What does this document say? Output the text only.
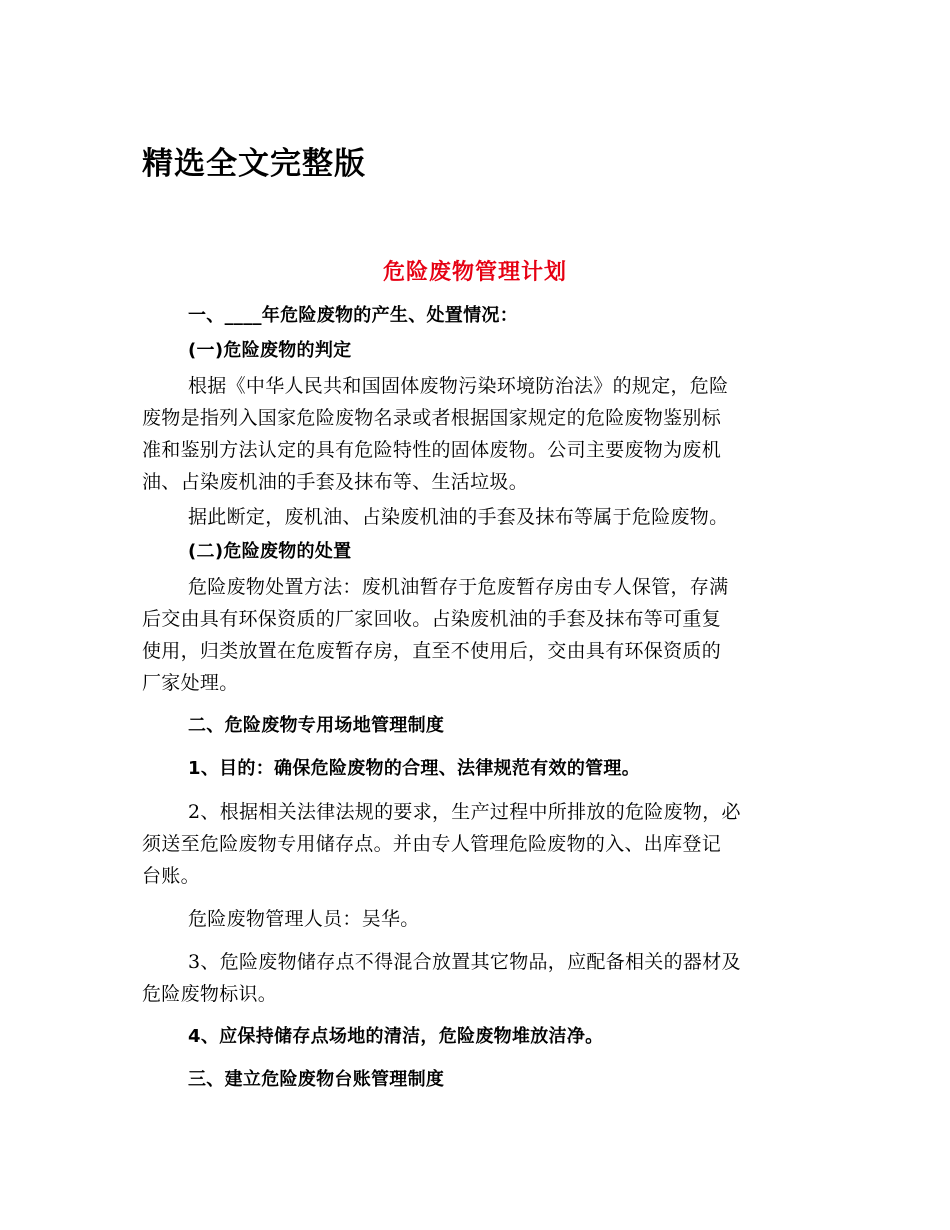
精选全文完整版
危险废物管理计划
一、____年危险废物的产生、处置情况：
(一)危险废物的判定
根据《中华人民共和国固体废物污染环境防治法》的规定，危险
废物是指列入国家危险废物名录或者根据国家规定的危险废物鉴别标
准和鉴别方法认定的具有危险特性的固体废物。公司主要废物为废机
油、占染废机油的手套及抹布等、生活垃圾。
据此断定，废机油、占染废机油的手套及抹布等属于危险废物。
(二)危险废物的处置
危险废物处置方法：废机油暂存于危废暂存房由专人保管，存满
后交由具有环保资质的厂家回收。占染废机油的手套及抹布等可重复
使用，归类放置在危废暂存房，直至不使用后，交由具有环保资质的
厂家处理。
二、危险废物专用场地管理制度
1、目的：确保危险废物的合理、法律规范有效的管理。
2、根据相关法律法规的要求，生产过程中所排放的危险废物，必
须送至危险废物专用储存点。并由专人管理危险废物的入、出库登记
台账。
危险废物管理人员：吴华。
3、危险废物储存点不得混合放置其它物品，应配备相关的器材及
危险废物标识。
4、应保持储存点场地的清洁，危险废物堆放洁净。
三、建立危险废物台账管理制度
